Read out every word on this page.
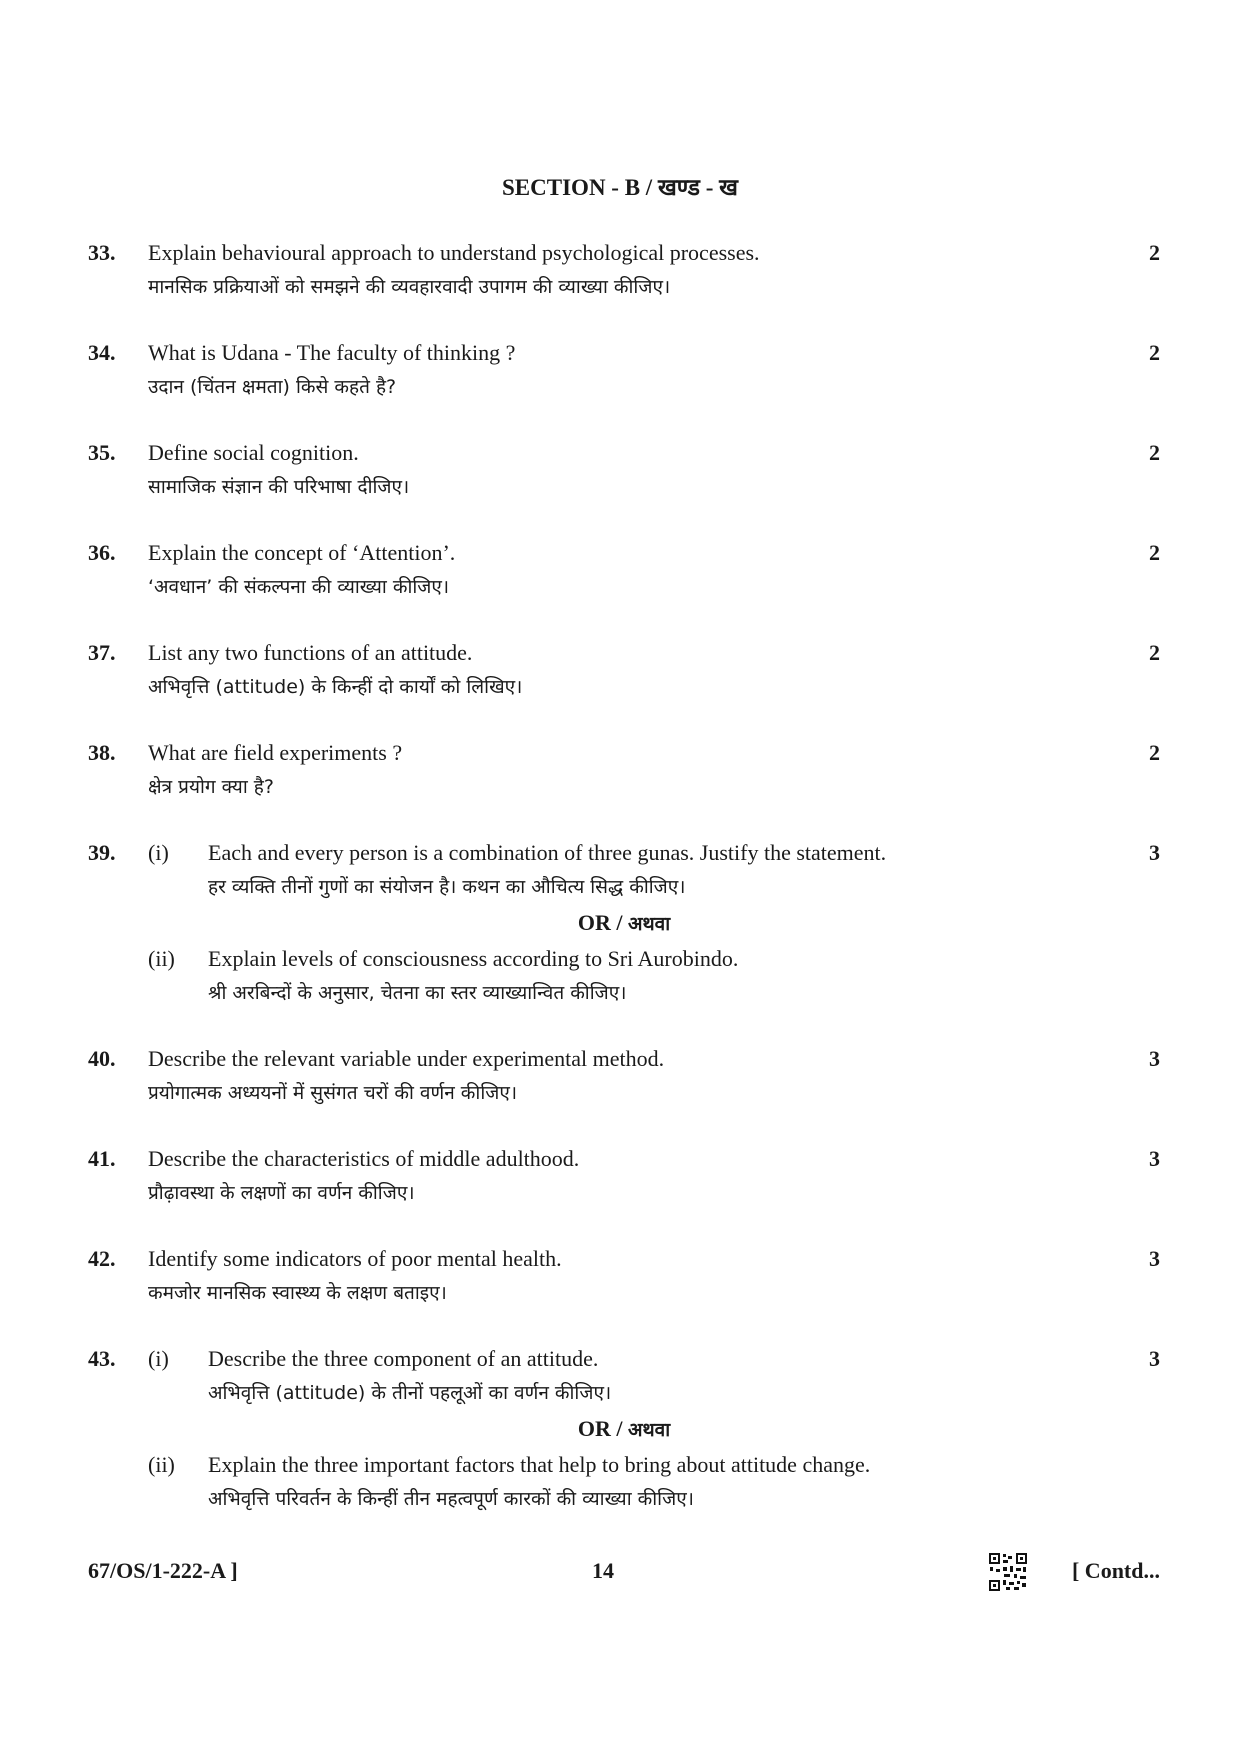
SECTION - B / खण्ड - ख
33. Explain behavioural approach to understand psychological processes.
मानसिक प्रक्रियाओं को समझने की व्यवहारवादी उपागम की व्याख्या कीजिए।
2
34. What is Udana - The faculty of thinking ?
उदान (चिंतन क्षमता) किसे कहते है?
2
35. Define social cognition.
सामाजिक संज्ञान की परिभाषा दीजिए।
2
36. Explain the concept of ‘Attention’.
‘अवधान’ की संकल्पना की व्याख्या कीजिए।
2
37. List any two functions of an attitude.
अभिवृत्ति (attitude) के किन्हीं दो कार्यों को लिखिए।
2
38. What are field experiments ?
क्षेत्र प्रयोग क्या है?
2
39. (i) Each and every person is a combination of three gunas. Justify the statement.
हर व्यक्ति तीनों गुणों का संयोजन है। कथन का औचित्य सिद्ध कीजिए।
OR / अथवा
(ii) Explain levels of consciousness according to Sri Aurobindo.
श्री अरबिन्दों के अनुसार, चेतना का स्तर व्याख्यान्वित कीजिए।
3
40. Describe the relevant variable under experimental method.
प्रयोगात्मक अध्ययनों में सुसंगत चरों की वर्णन कीजिए।
3
41. Describe the characteristics of middle adulthood.
प्रौढ़ावस्था के लक्षणों का वर्णन कीजिए।
3
42. Identify some indicators of poor mental health.
कमजोर मानसिक स्वास्थ्य के लक्षण बताइए।
3
43. (i) Describe the three component of an attitude.
अभिवृत्ति (attitude) के तीनों पहलूओं का वर्णन कीजिए।
OR / अथवा
(ii) Explain the three important factors that help to bring about attitude change.
अभिवृत्ति परिवर्तन के किन्हीं तीन महत्वपूर्ण कारकों की व्याख्या कीजिए।
3
67/OS/1-222-A ]	14	[ Contd...
